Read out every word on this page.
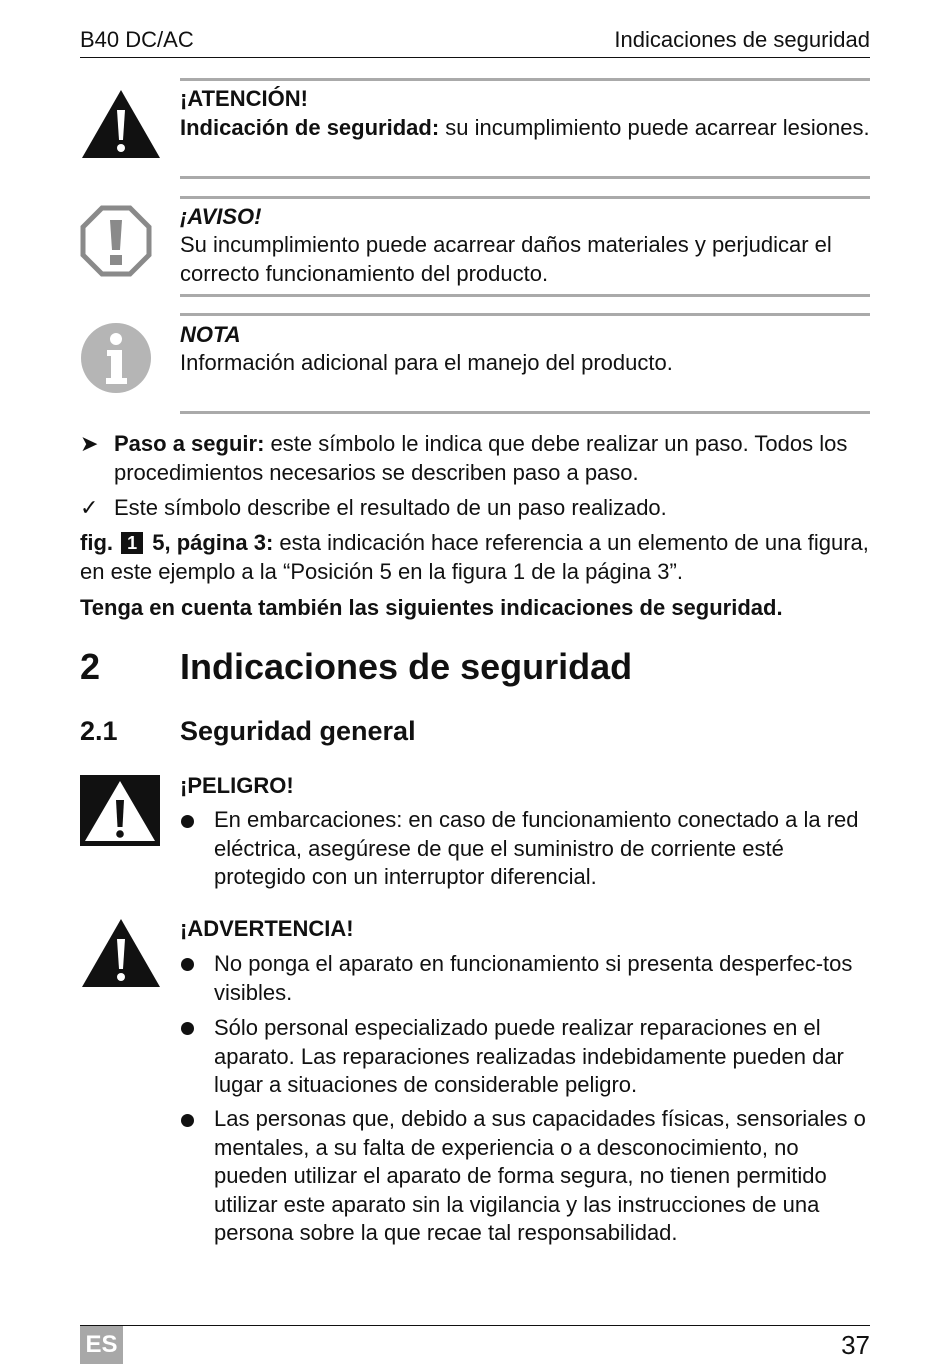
B40 DC/AC	Indicaciones de seguridad
¡ATENCIÓN!
Indicación de seguridad: su incumplimiento puede acarrear lesiones.
¡AVISO!
Su incumplimiento puede acarrear daños materiales y perjudicar el correcto funcionamiento del producto.
NOTA
Información adicional para el manejo del producto.
➤ Paso a seguir: este símbolo le indica que debe realizar un paso. Todos los procedimientos necesarios se describen paso a paso.
✓ Este símbolo describe el resultado de un paso realizado.
fig. 1 5, página 3: esta indicación hace referencia a un elemento de una figura, en este ejemplo a la “Posición 5 en la figura 1 de la página 3”.
Tenga en cuenta también las siguientes indicaciones de seguridad.
2 Indicaciones de seguridad
2.1 Seguridad general
¡PELIGRO!
En embarcaciones: en caso de funcionamiento conectado a la red eléctrica, asegúrese de que el suministro de corriente esté protegido con un interruptor diferencial.
¡ADVERTENCIA!
No ponga el aparato en funcionamiento si presenta desperfec-tos visibles.
Sólo personal especializado puede realizar reparaciones en el aparato. Las reparaciones realizadas indebidamente pueden dar lugar a situaciones de considerable peligro.
Las personas que, debido a sus capacidades físicas, sensoriales o mentales, a su falta de experiencia o a desconocimiento, no pueden utilizar el aparato de forma segura, no tienen permitido utilizar este aparato sin la vigilancia y las instrucciones de una persona sobre la que recae tal responsabilidad.
ES	37
